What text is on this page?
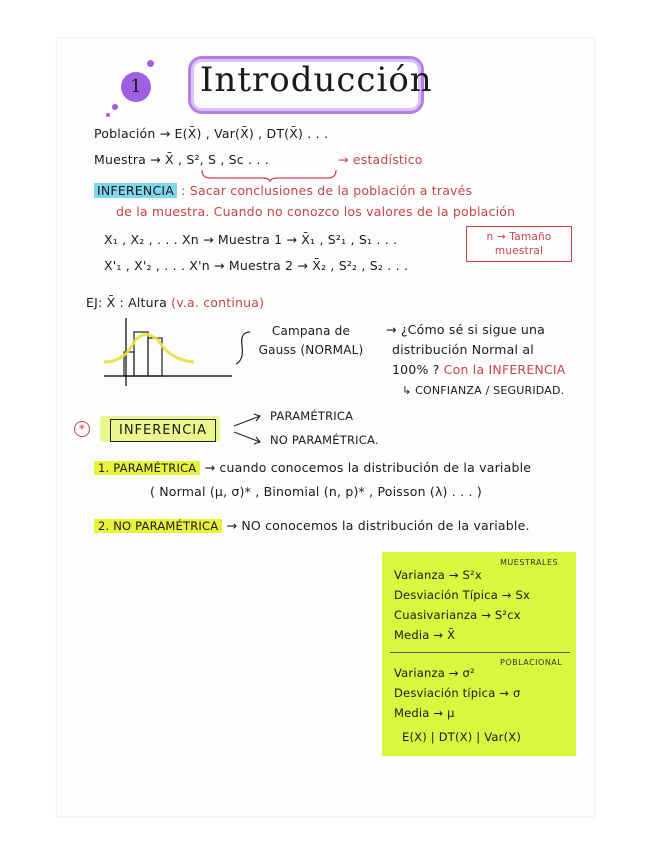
1 Introducción
Población → E(X̄) , Var(X̄) , DT(X̄) . . .
Muestra → X̄ , S², S , Sc . . .	→ estadístico
INFERENCIA : Sacar conclusiones de la población a través
de la muestra. Cuando no conozco los valores de la población
X₁ , X₂ , . . . Xn → Muestra 1 → X̄₁ , S²₁ , S₁ . . .
X'₁ , X'₂ , . . . X'n → Muestra 2 → X̄₂ , S²₂ , S₂ . . .
n → Tamaño muestral
EJ: X̄ : Altura (v.a. continua)
Campana de Gauss (NORMAL)
→ ¿Cómo sé si sigue una
distribución Normal al
100% ? Con la INFERENCIA
↳ CONFIANZA / SEGURIDAD.
*	INFERENCIA
PARAMÉTRICA
NO PARAMÉTRICA.
1. PARAMÉTRICA → cuando conocemos la distribución de la variable
( Normal (μ, σ)* , Binomial (n, p)* , Poisson (λ) . . . )
2. NO PARAMÉTRICA → NO conocemos la distribución de la variable.
MUESTRALES
Varianza → S²x
Desviación Típica → Sx
Cuasivarianza → S²cx
Media → X̄
POBLACIONAL
Varianza → σ²
Desviación típica → σ
Media → μ
E(X) | DT(X) | Var(X)
